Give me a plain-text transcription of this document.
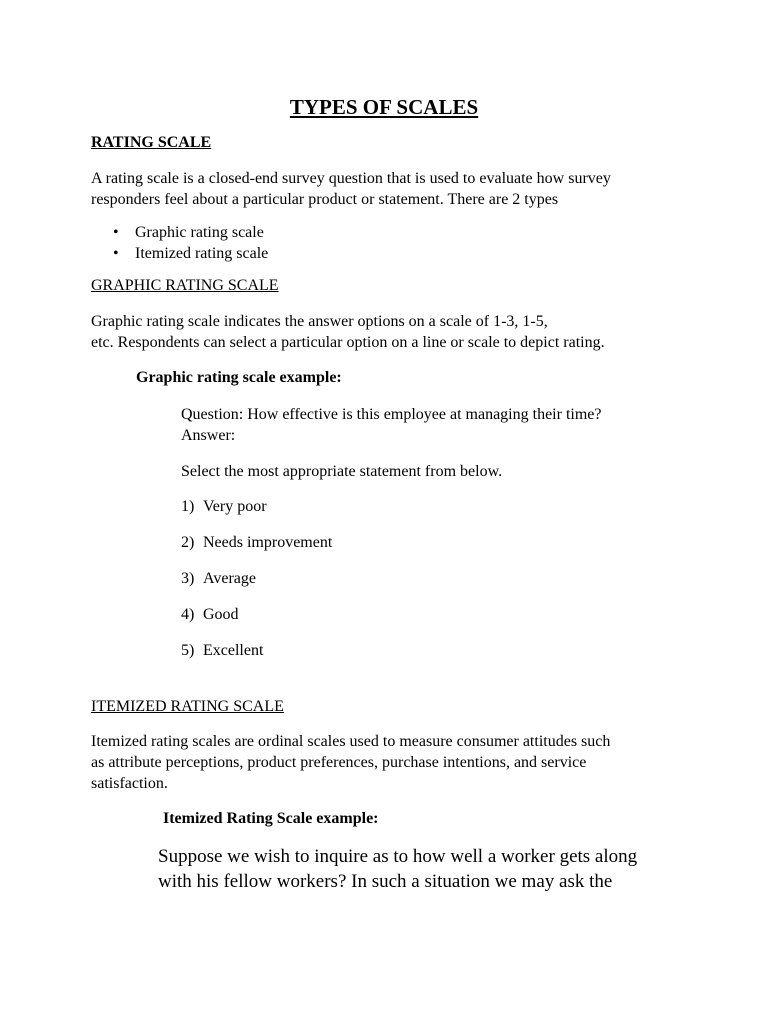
TYPES OF SCALES
RATING SCALE
A rating scale is a closed-end survey question that is used to evaluate how survey
responders feel about a particular product or statement. There are 2 types
• Graphic rating scale
• Itemized rating scale
GRAPHIC RATING SCALE
Graphic rating scale indicates the answer options on a scale of 1-3, 1-5,
etc. Respondents can select a particular option on a line or scale to depict rating.
Graphic rating scale example:
Question: How effective is this employee at managing their time?
Answer:
Select the most appropriate statement from below.
1) Very poor
2) Needs improvement
3) Average
4) Good
5) Excellent
ITEMIZED RATING SCALE
Itemized rating scales are ordinal scales used to measure consumer attitudes such
as attribute perceptions, product preferences, purchase intentions, and service
satisfaction.
Itemized Rating Scale example:
Suppose we wish to inquire as to how well a worker gets along
with his fellow workers? In such a situation we may ask the
